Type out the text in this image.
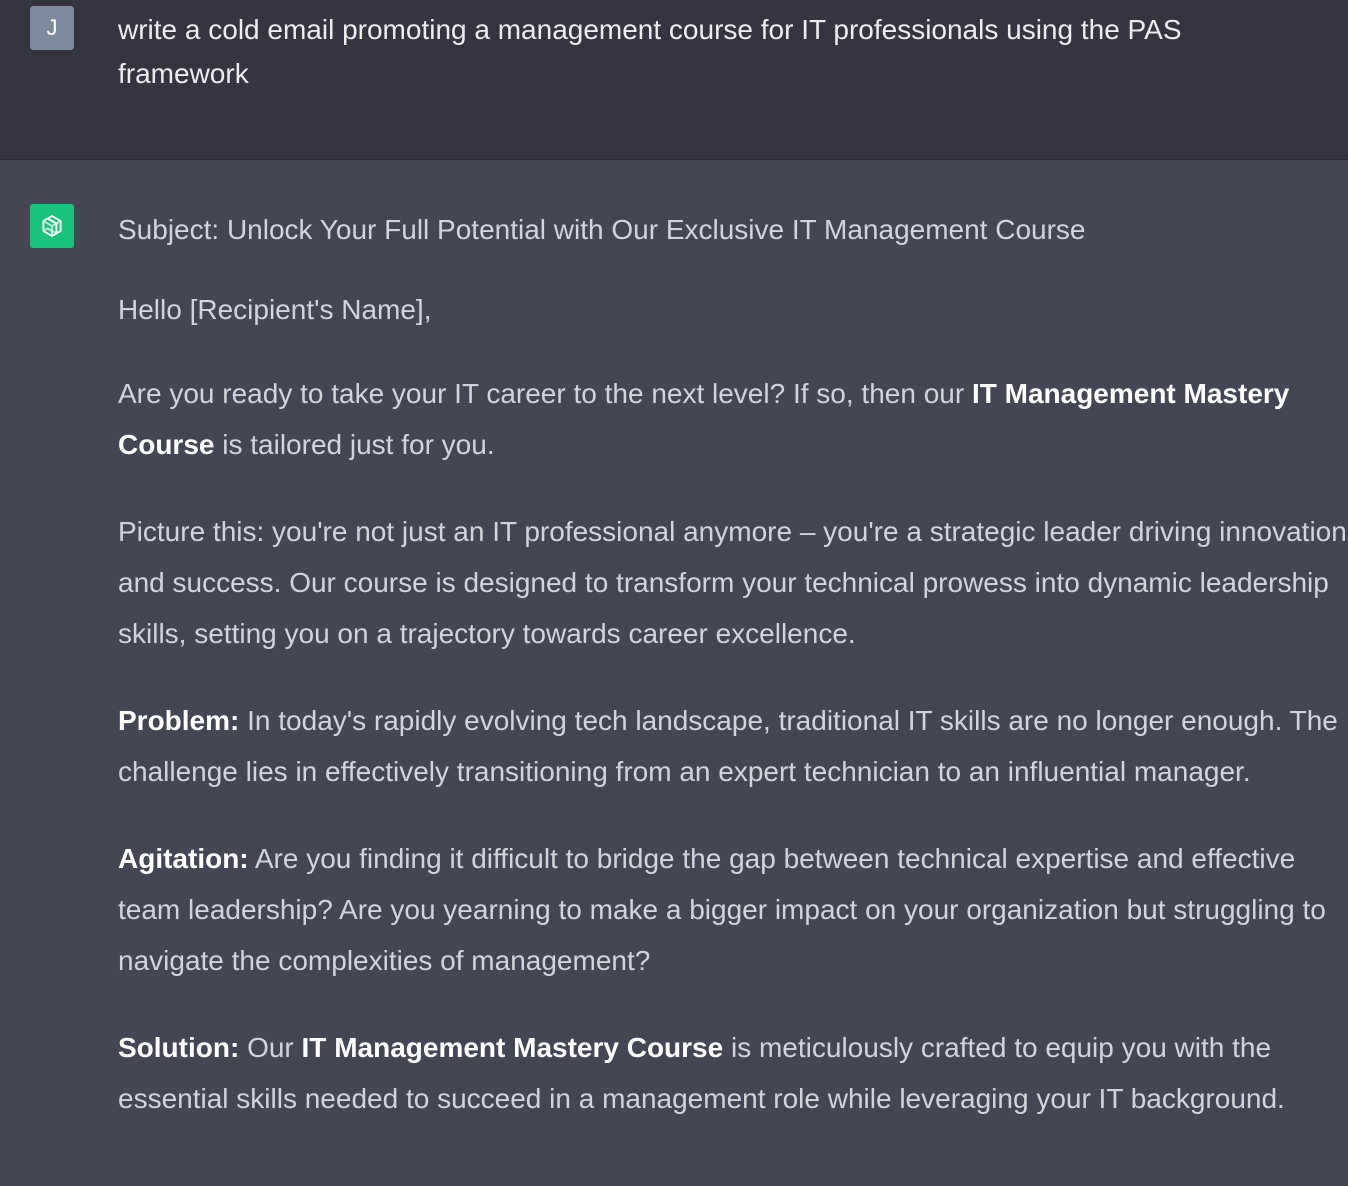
J	write a cold email promoting a management course for IT professionals using the PAS framework

Subject: Unlock Your Full Potential with Our Exclusive IT Management Course

Hello [Recipient's Name],

Are you ready to take your IT career to the next level? If so, then our IT Management Mastery Course is tailored just for you.

Picture this: you're not just an IT professional anymore – you're a strategic leader driving innovation and success. Our course is designed to transform your technical prowess into dynamic leadership skills, setting you on a trajectory towards career excellence.

Problem: In today's rapidly evolving tech landscape, traditional IT skills are no longer enough. The challenge lies in effectively transitioning from an expert technician to an influential manager.

Agitation: Are you finding it difficult to bridge the gap between technical expertise and effective team leadership? Are you yearning to make a bigger impact on your organization but struggling to navigate the complexities of management?

Solution: Our IT Management Mastery Course is meticulously crafted to equip you with the essential skills needed to succeed in a management role while leveraging your IT background.
